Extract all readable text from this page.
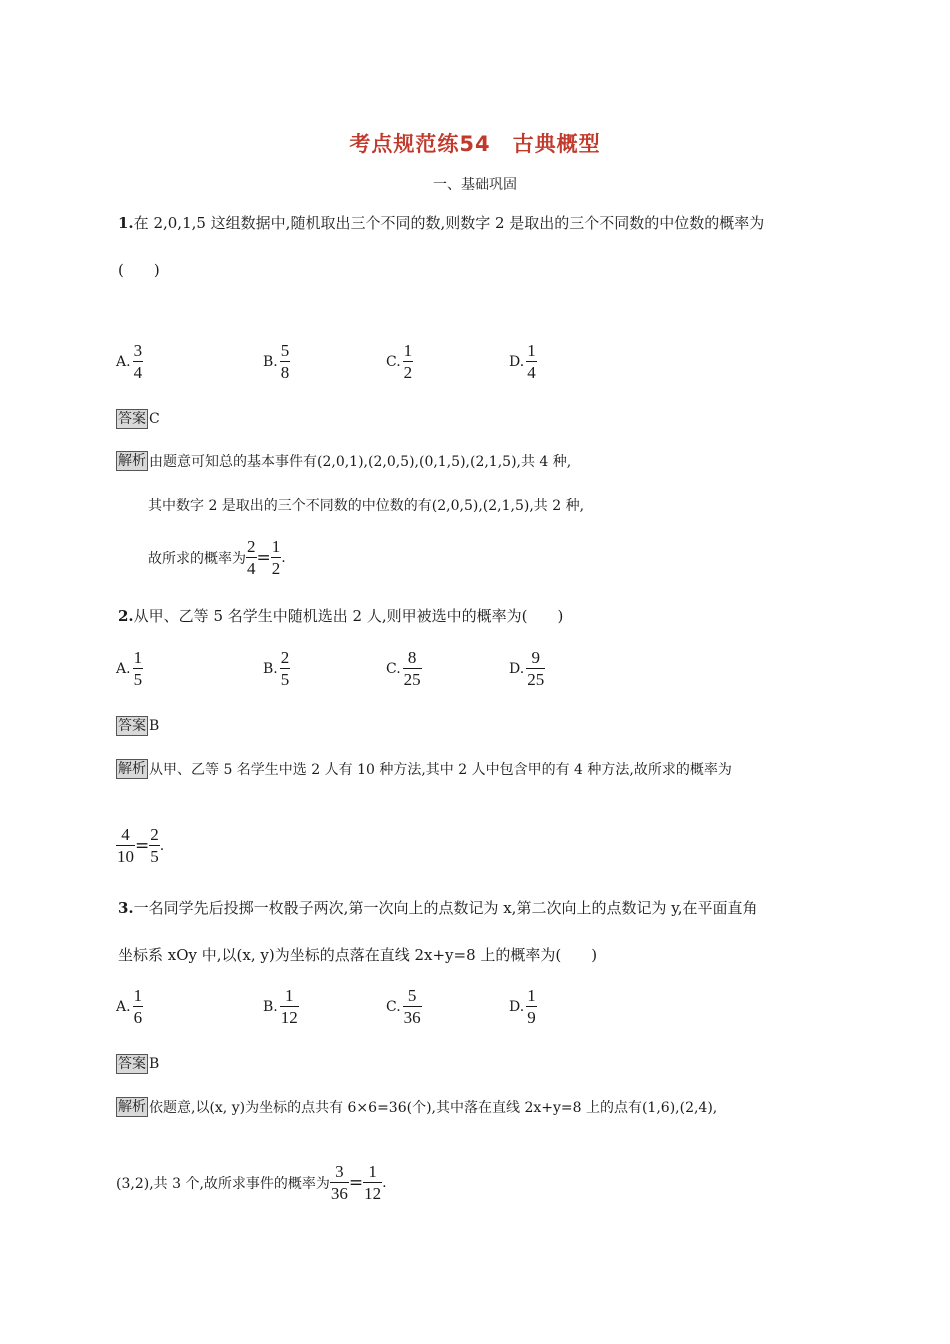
考点规范练54 古典概型
一、基础巩固
1.在 2,0,1,5 这组数据中,随机取出三个不同的数,则数字 2 是取出的三个不同数的中位数的概率为
(　　)
A. $\frac{3}{4}$	B. $\frac{5}{8}$	C. $\frac{1}{2}$	D. $\frac{1}{4}$
答案 C
解析 由题意可知总的基本事件有(2,0,1),(2,0,5),(0,1,5),(2,1,5),共 4 种,
其中数字 2 是取出的三个不同数的中位数的有(2,0,5),(2,1,5),共 2 种,
故所求的概率为 $\frac{2}{4} = \frac{1}{2}$ .
2.从甲、乙等 5 名学生中随机选出 2 人,则甲被选中的概率为(　　)
A. $\frac{1}{5}$	B. $\frac{2}{5}$	C. $\frac{8}{25}$	D. $\frac{9}{25}$
答案 B
解析 从甲、乙等 5 名学生中选 2 人有 10 种方法,其中 2 人中包含甲的有 4 种方法,故所求的概率为
$\frac{4}{10} = \frac{2}{5}$ .
3.一名同学先后投掷一枚骰子两次,第一次向上的点数记为 x,第二次向上的点数记为 y,在平面直角
坐标系 xOy 中,以(x, y)为坐标的点落在直线 2x+y=8 上的概率为(　　)
A. $\frac{1}{6}$	B. $\frac{1}{12}$	C. $\frac{5}{36}$	D. $\frac{1}{9}$
答案 B
解析 依题意,以(x, y)为坐标的点共有 6×6=36(个),其中落在直线 2x+y=8 上的点有(1,6),(2,4),
(3,2),共 3 个,故所求事件的概率为 $\frac{3}{36} = \frac{1}{12}$ .
